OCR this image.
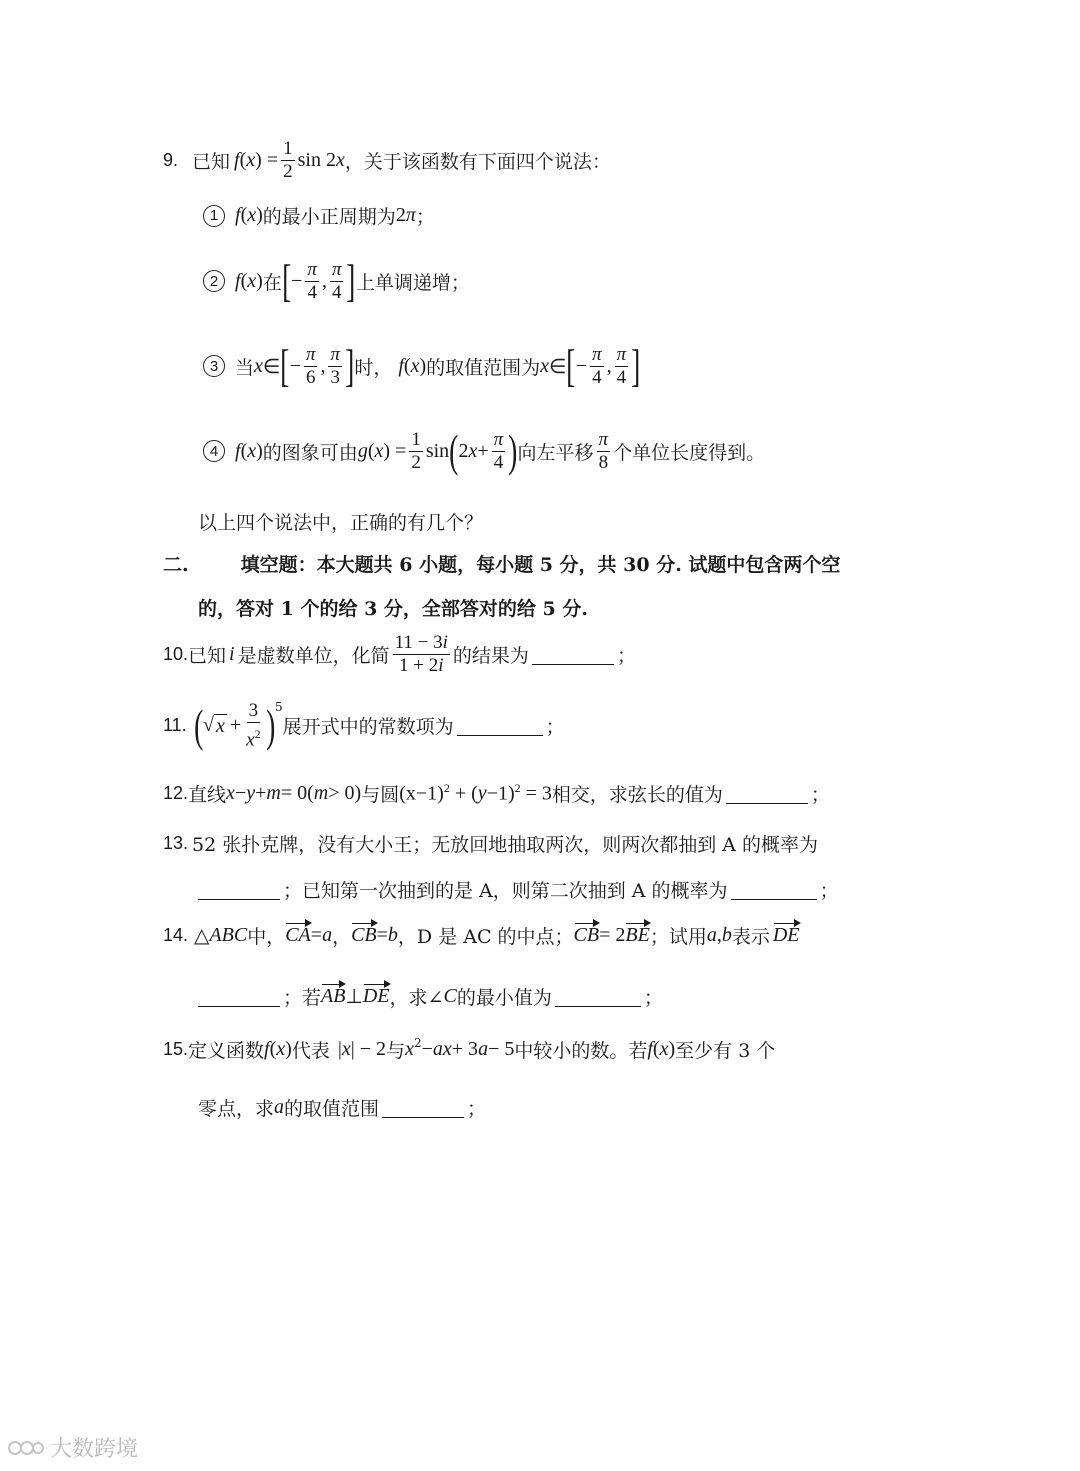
9. 已知 f ( x ) = $\frac{1}{2}$ sin 2 x ，关于该函数有下面四个说法：
1 f ( x ) 的最小正周期为 2 π ；
2 f ( x ) 在 [ − $\frac{\pi}{4}$ , $\frac{\pi}{4}$ ] 上单调递增；
3 当 x ∈ [ − $\frac{\pi}{6}$ , $\frac{\pi}{3}$ ] 时， f ( x ) 的取值范围为 x ∈ [ − $\frac{\pi}{4}$ , $\frac{\pi}{4}$ ]
4 f ( x ) 的图象可由 g ( x ) = $\frac{1}{2}$ sin ( 2 $x + \frac{\pi}{4}$ ) 向左平移 $\frac{\pi}{8}$ 个单位长度得到。
以上四个说法中，正确的有几个？
二.	填空题：本大题共 6 小题，每小题 5 分，共 30 分. 试题中包含两个空
的，答对 1 个的给 3 分，全部答对的给 5 分.
10. 已知 i 是虚数单位，化简 $\frac{11 - 3i}{1 + 2i}$ 的结果为	；
11. ( √ $x + \frac{3}{x^2} )^5$
展开式中的常数项为	；
12. 直线 x − y + m = 0( m > 0) 与圆 $(x-1)^2$ + ( y −1)$^2$ = 3 相交，求弦长的值为	；
13. 52 张扑克牌，没有大小王；无放回地抽取两次，则两次都抽到 A 的概率为
；已知第一次抽到的是 A，则第二次抽到 A 的概率为	；
14. △ ABC 中， CA = a ， CB = b ，D 是 AC 的中点； CB = 2 BE ；试用 a , b 表示 DE
；若 AB ⊥ DE ，求∠ C 的最小值为	；
15. 定义函数 f ( x ) 代表 | x | − 2 与 $x^2$ − ax + 3 a − 5 中较小的数。若 f ( x ) 至少有 3 个
零点，求 a 的取值范围	；
大数跨境
